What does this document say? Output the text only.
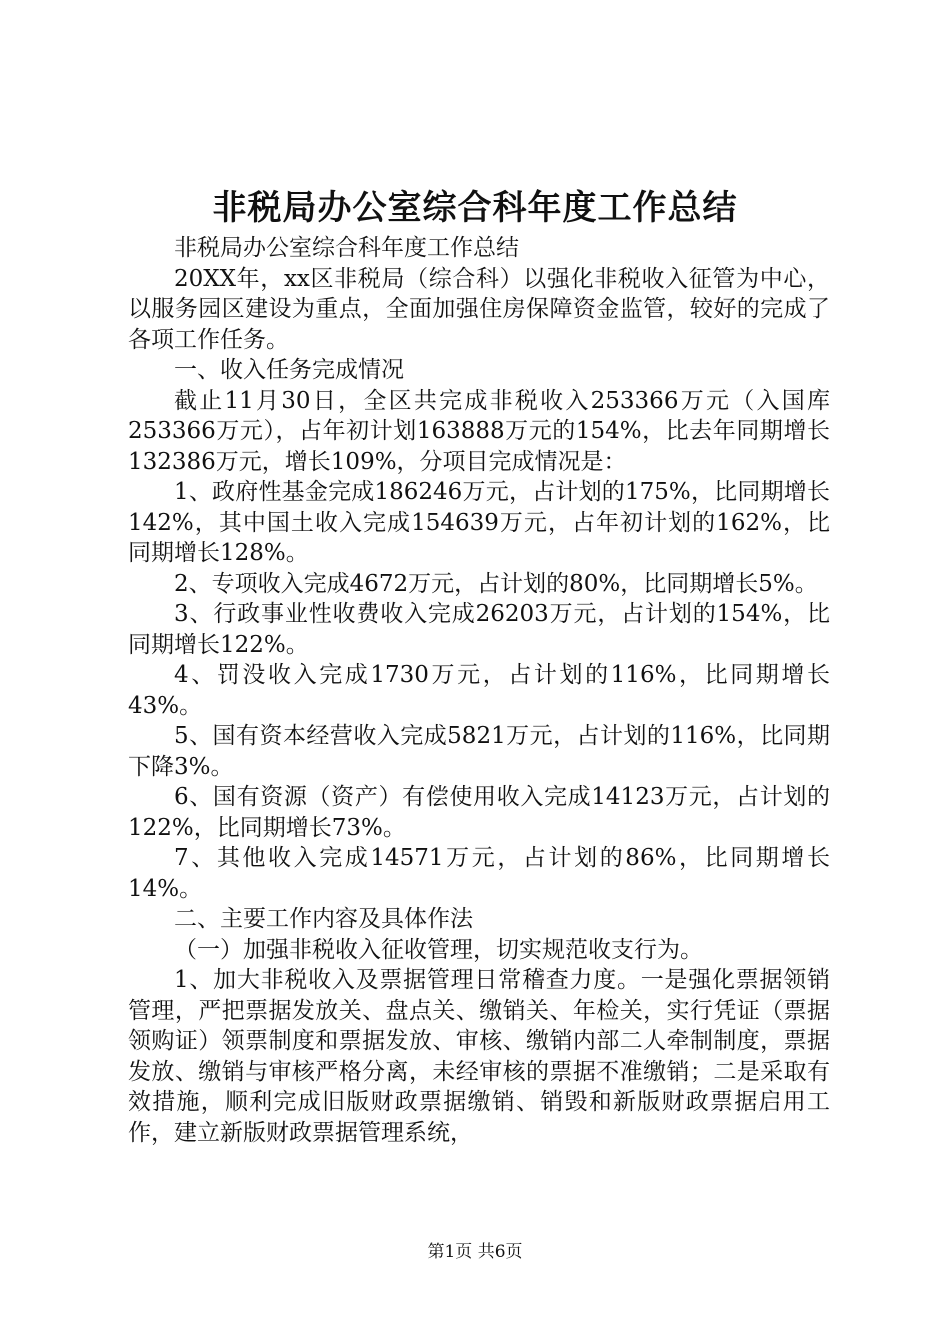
非税局办公室综合科年度工作总结

非税局办公室综合科年度工作总结

20XX年，xx区非税局（综合科）以强化非税收入征管为中心，以服务园区建设为重点，全面加强住房保障资金监管，较好的完成了各项工作任务。

一、收入任务完成情况

截止11月30日，全区共完成非税收入253366万元（入国库253366万元），占年初计划163888万元的154%，比去年同期增长132386万元，增长109%，分项目完成情况是：

1、政府性基金完成186246万元，占计划的175%，比同期增长142%，其中国土收入完成154639万元，占年初计划的162%，比同期增长128%。

2、专项收入完成4672万元，占计划的80%，比同期增长5%。

3、行政事业性收费收入完成26203万元，占计划的154%，比同期增长122%。

4、罚没收入完成1730万元，占计划的116%，比同期增长43%。

5、国有资本经营收入完成5821万元，占计划的116%，比同期下降3%。

6、国有资源（资产）有偿使用收入完成14123万元，占计划的122%，比同期增长73%。

7、其他收入完成14571万元，占计划的86%，比同期增长14%。

二、主要工作内容及具体作法

（一）加强非税收入征收管理，切实规范收支行为。

1、加大非税收入及票据管理日常稽查力度。一是强化票据领销管理，严把票据发放关、盘点关、缴销关、年检关，实行凭证（票据领购证）领票制度和票据发放、审核、缴销内部二人牵制制度，票据发放、缴销与审核严格分离，未经审核的票据不准缴销；二是采取有效措施，顺利完成旧版财政票据缴销、销毁和新版财政票据启用工作，建立新版财政票据管理系统，

第1页 共6页
